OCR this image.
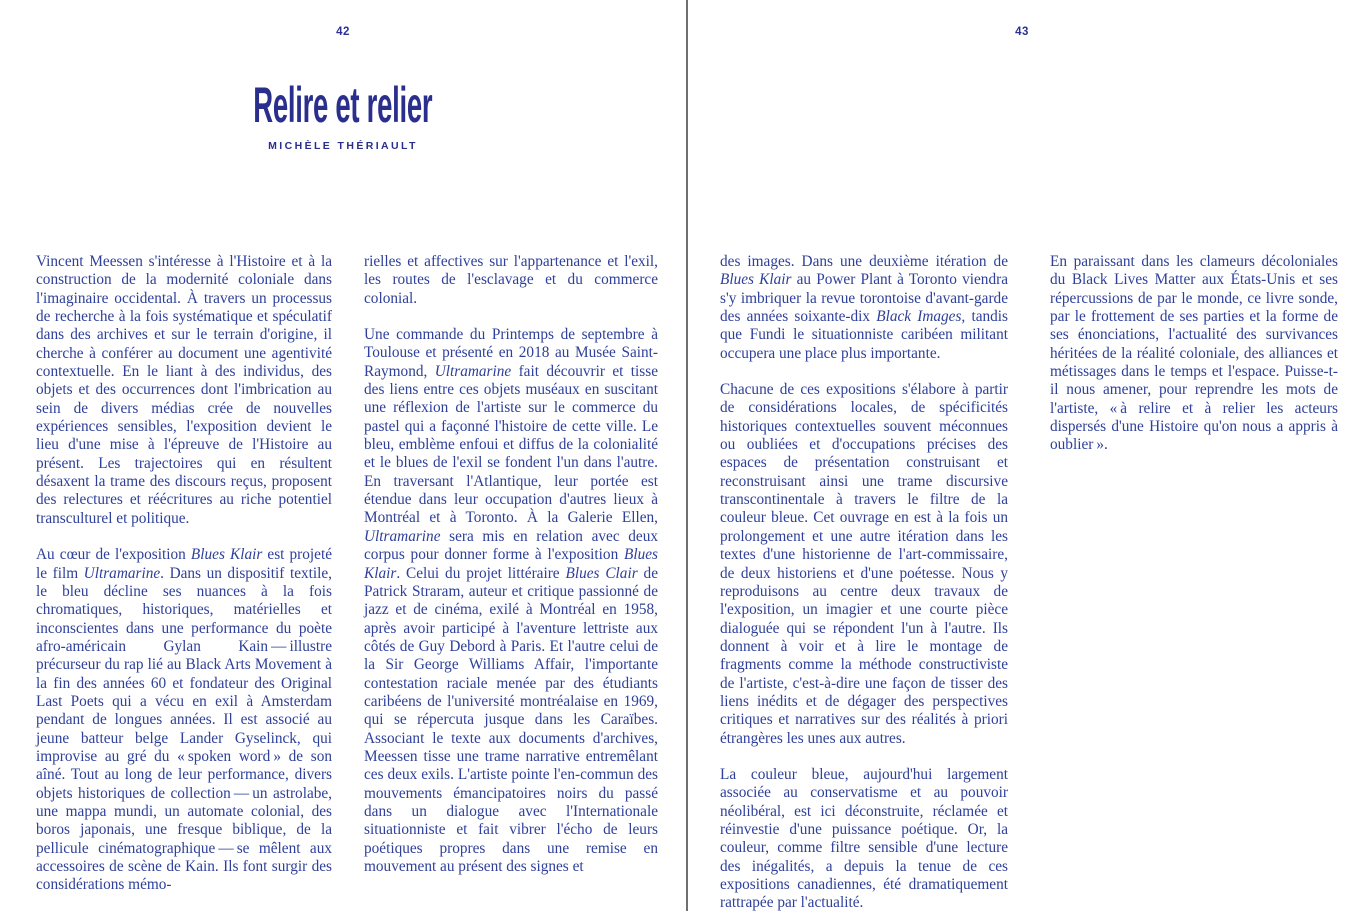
42
Relire et relier
MICHÈLE THÉRIAULT

Vincent Meessen s'intéresse à l'Histoire et à la construction de la modernité coloniale dans l'imaginaire occidental. À travers un processus de recherche à la fois systématique et spéculatif dans des archives et sur le terrain d'origine, il cherche à conférer au document une agentivité contextuelle. En le liant à des individus, des objets et des occurrences dont l'imbrication au sein de divers médias crée de nouvelles expériences sensibles, l'exposition devient le lieu d'une mise à l'épreuve de l'Histoire au présent. Les trajectoires qui en résultent désaxent la trame des discours reçus, proposent des relectures et réécritures au riche potentiel transculturel et politique.

Au cœur de l'exposition Blues Klair est projeté le film Ultramarine. Dans un dispositif textile, le bleu décline ses nuances à la fois chromatiques, historiques, matérielles et inconscientes dans une performance du poète afro-américain Gylan Kain — illustre précurseur du rap lié au Black Arts Movement à la fin des années 60 et fondateur des Original Last Poets qui a vécu en exil à Amsterdam pendant de longues années. Il est associé au jeune batteur belge Lander Gyselinck, qui improvise au gré du « spoken word » de son aîné. Tout au long de leur performance, divers objets historiques de collection — un astrolabe, une mappa mundi, un automate colonial, des boros japonais, une fresque biblique, de la pellicule cinématographique — se mêlent aux accessoires de scène de Kain. Ils font surgir des considérations mémo-

rielles et affectives sur l'appartenance et l'exil, les routes de l'esclavage et du commerce colonial.

Une commande du Printemps de septembre à Toulouse et présenté en 2018 au Musée Saint-Raymond, Ultramarine fait découvrir et tisse des liens entre ces objets muséaux en suscitant une réflexion de l'artiste sur le commerce du pastel qui a façonné l'histoire de cette ville. Le bleu, emblème enfoui et diffus de la colonialité et le blues de l'exil se fondent l'un dans l'autre. En traversant l'Atlantique, leur portée est étendue dans leur occupation d'autres lieux à Montréal et à Toronto. À la Galerie Ellen, Ultramarine sera mis en relation avec deux corpus pour donner forme à l'exposition Blues Klair. Celui du projet littéraire Blues Clair de Patrick Straram, auteur et critique passionné de jazz et de cinéma, exilé à Montréal en 1958, après avoir participé à l'aventure lettriste aux côtés de Guy Debord à Paris. Et l'autre celui de la Sir George Williams Affair, l'importante contestation raciale menée par des étudiants caribéens de l'université montréalaise en 1969, qui se répercuta jusque dans les Caraïbes. Associant le texte aux documents d'archives, Meessen tisse une trame narrative entremêlant ces deux exils. L'artiste pointe l'en-commun des mouvements émancipatoires noirs du passé dans un dialogue avec l'Internationale situationniste et fait vibrer l'écho de leurs poétiques propres dans une remise en mouvement au présent des signes et

43

des images. Dans une deuxième itération de Blues Klair au Power Plant à Toronto viendra s'y imbriquer la revue torontoise d'avant-garde des années soixante-dix Black Images, tandis que Fundi le situationniste caribéen militant occupera une place plus importante.

Chacune de ces expositions s'élabore à partir de considérations locales, de spécificités historiques contextuelles souvent méconnues ou oubliées et d'occupations précises des espaces de présentation construisant et reconstruisant ainsi une trame discursive transcontinentale à travers le filtre de la couleur bleue. Cet ouvrage en est à la fois un prolongement et une autre itération dans les textes d'une historienne de l'art-commissaire, de deux historiens et d'une poétesse. Nous y reproduisons au centre deux travaux de l'exposition, un imagier et une courte pièce dialoguée qui se répondent l'un à l'autre. Ils donnent à voir et à lire le montage de fragments comme la méthode constructiviste de l'artiste, c'est-à-dire une façon de tisser des liens inédits et de dégager des perspectives critiques et narratives sur des réalités à priori étrangères les unes aux autres.

La couleur bleue, aujourd'hui largement associée au conservatisme et au pouvoir néolibéral, est ici déconstruite, réclamée et réinvestie d'une puissance poétique. Or, la couleur, comme filtre sensible d'une lecture des inégalités, a depuis la tenue de ces expositions canadiennes, été dramatiquement rattrapée par l'actualité.

En paraissant dans les clameurs décoloniales du Black Lives Matter aux États-Unis et ses répercussions de par le monde, ce livre sonde, par le frottement de ses parties et la forme de ses énonciations, l'actualité des survivances héritées de la réalité coloniale, des alliances et métissages dans le temps et l'espace. Puisse-t-il nous amener, pour reprendre les mots de l'artiste, « à relire et à relier les acteurs dispersés d'une Histoire qu'on nous a appris à oublier ».
